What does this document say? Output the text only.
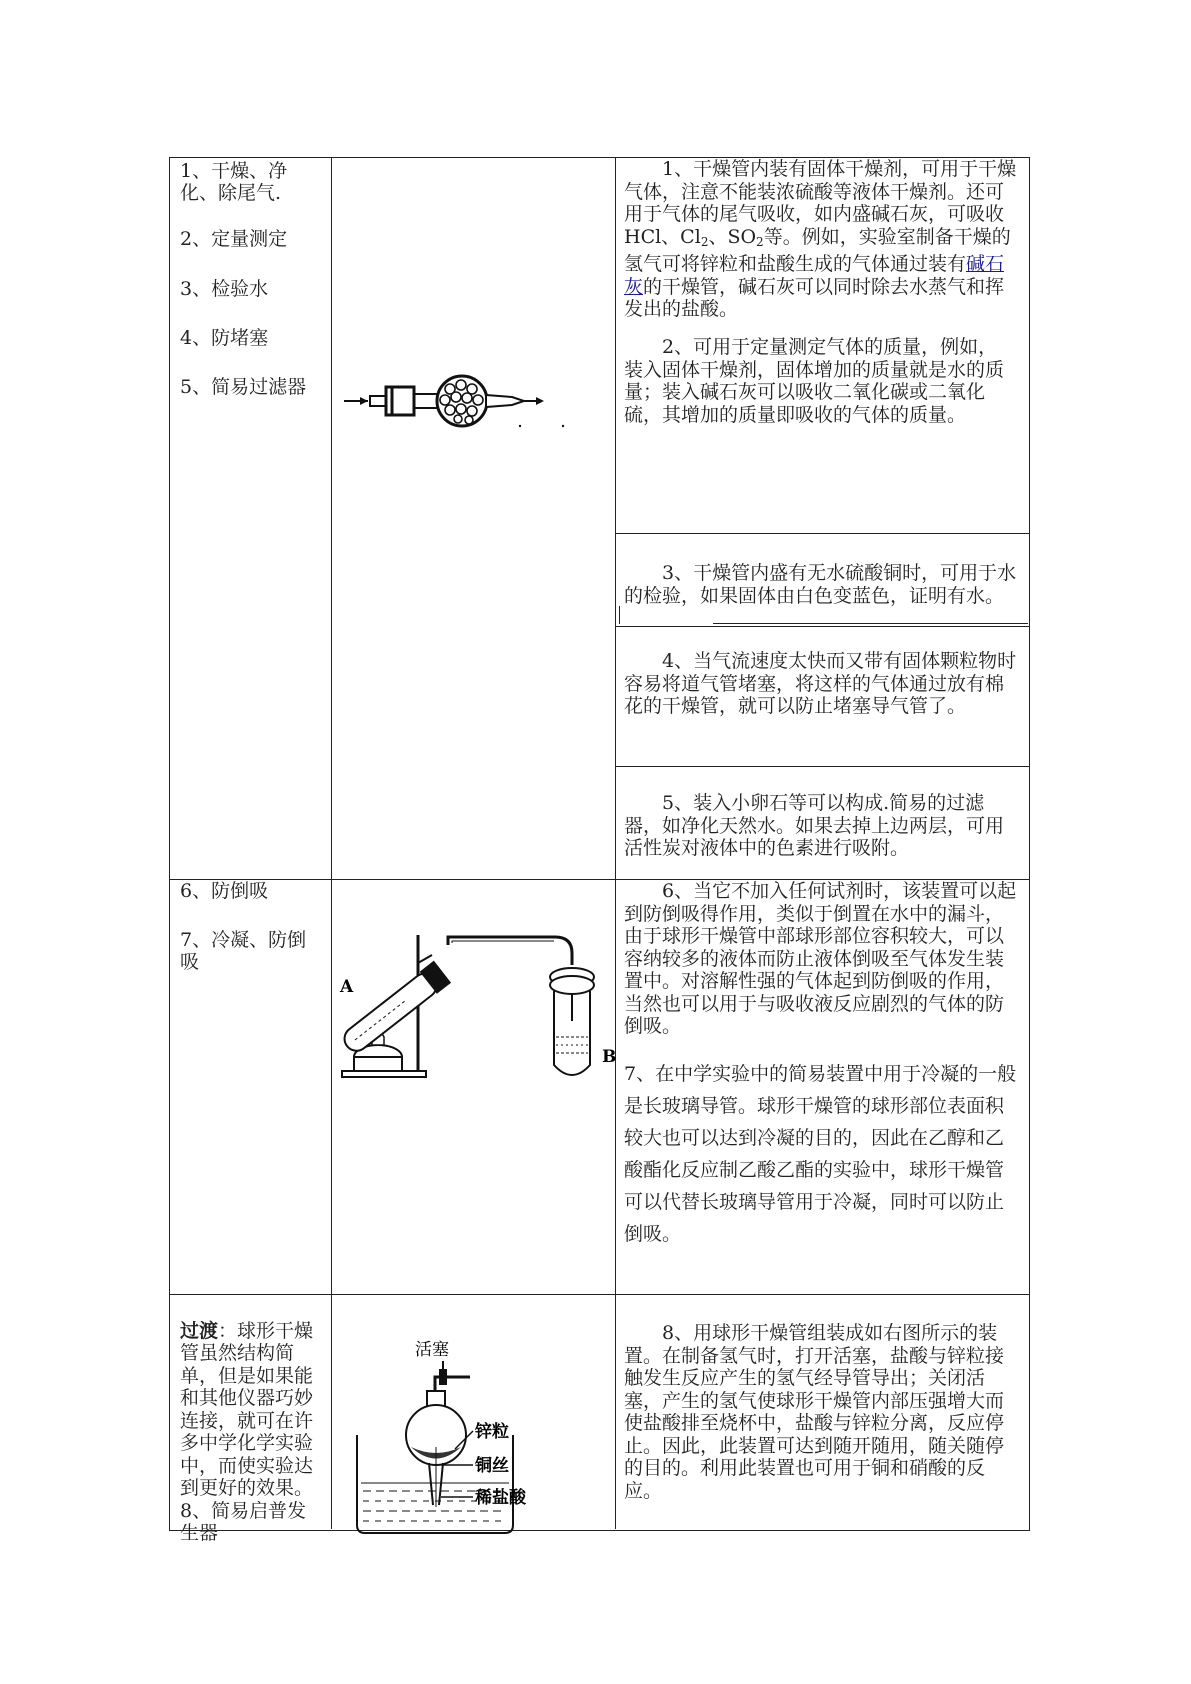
1、干燥、净化、除尾气.
2、定量测定
3、检验水
4、防堵塞
5、简易过滤器
1、干燥管内装有固体干燥剂，可用于干燥气体，注意不能装浓硫酸等液体干燥剂。还可用于气体的尾气吸收，如内盛碱石灰，可吸收HCl、$Cl_2$、$SO_2$等。例如，实验室制备干燥的氢气可将锌粒和盐酸生成的气体通过装有碱石灰的干燥管，碱石灰可以同时除去水蒸气和挥发出的盐酸。
2、可用于定量测定气体的质量，例如，装入固体干燥剂，固体增加的质量就是水的质量；装入碱石灰可以吸收二氧化碳或二氧化硫，其增加的质量即吸收的气体的质量。
3、干燥管内盛有无水硫酸铜时，可用于水的检验，如果固体由白色变蓝色，证明有水。
4、当气流速度太快而又带有固体颗粒物时容易将道气管堵塞，将这样的气体通过放有棉花的干燥管，就可以防止堵塞导气管了。
5、装入小卵石等可以构成.简易的过滤器，如净化天然水。如果去掉上边两层，可用活性炭对液体中的色素进行吸附。
6、防倒吸
7、冷凝、防倒吸
A
B
6、当它不加入任何试剂时，该装置可以起到防倒吸得作用，类似于倒置在水中的漏斗，由于球形干燥管中部球形部位容积较大，可以容纳较多的液体而防止液体倒吸至气体发生装置中。对溶解性强的气体起到防倒吸的作用，当然也可以用于与吸收液反应剧烈的气体的防倒吸。
7、在中学实验中的简易装置中用于冷凝的一般是长玻璃导管。球形干燥管的球形部位表面积较大也可以达到冷凝的目的，因此在乙醇和乙酸酯化反应制乙酸乙酯的实验中，球形干燥管可以代替长玻璃导管用于冷凝，同时可以防止倒吸。

过渡：球形干燥管虽然结构简单，但是如果能和其他仪器巧妙连接，就可在许多中学化学实验中，而使实验达到更好的效果。8、简易启普发生器

活塞
锌粒
铜丝
稀盐酸
8、用球形干燥管组装成如右图所示的装置。在制备氢气时，打开活塞，盐酸与锌粒接触发生反应产生的氢气经导管导出；关闭活塞，产生的氢气使球形干燥管内部压强增大而使盐酸排至烧杯中，盐酸与锌粒分离，反应停止。因此，此装置可达到随开随用，随关随停的目的。利用此装置也可用于铜和硝酸的反应。
